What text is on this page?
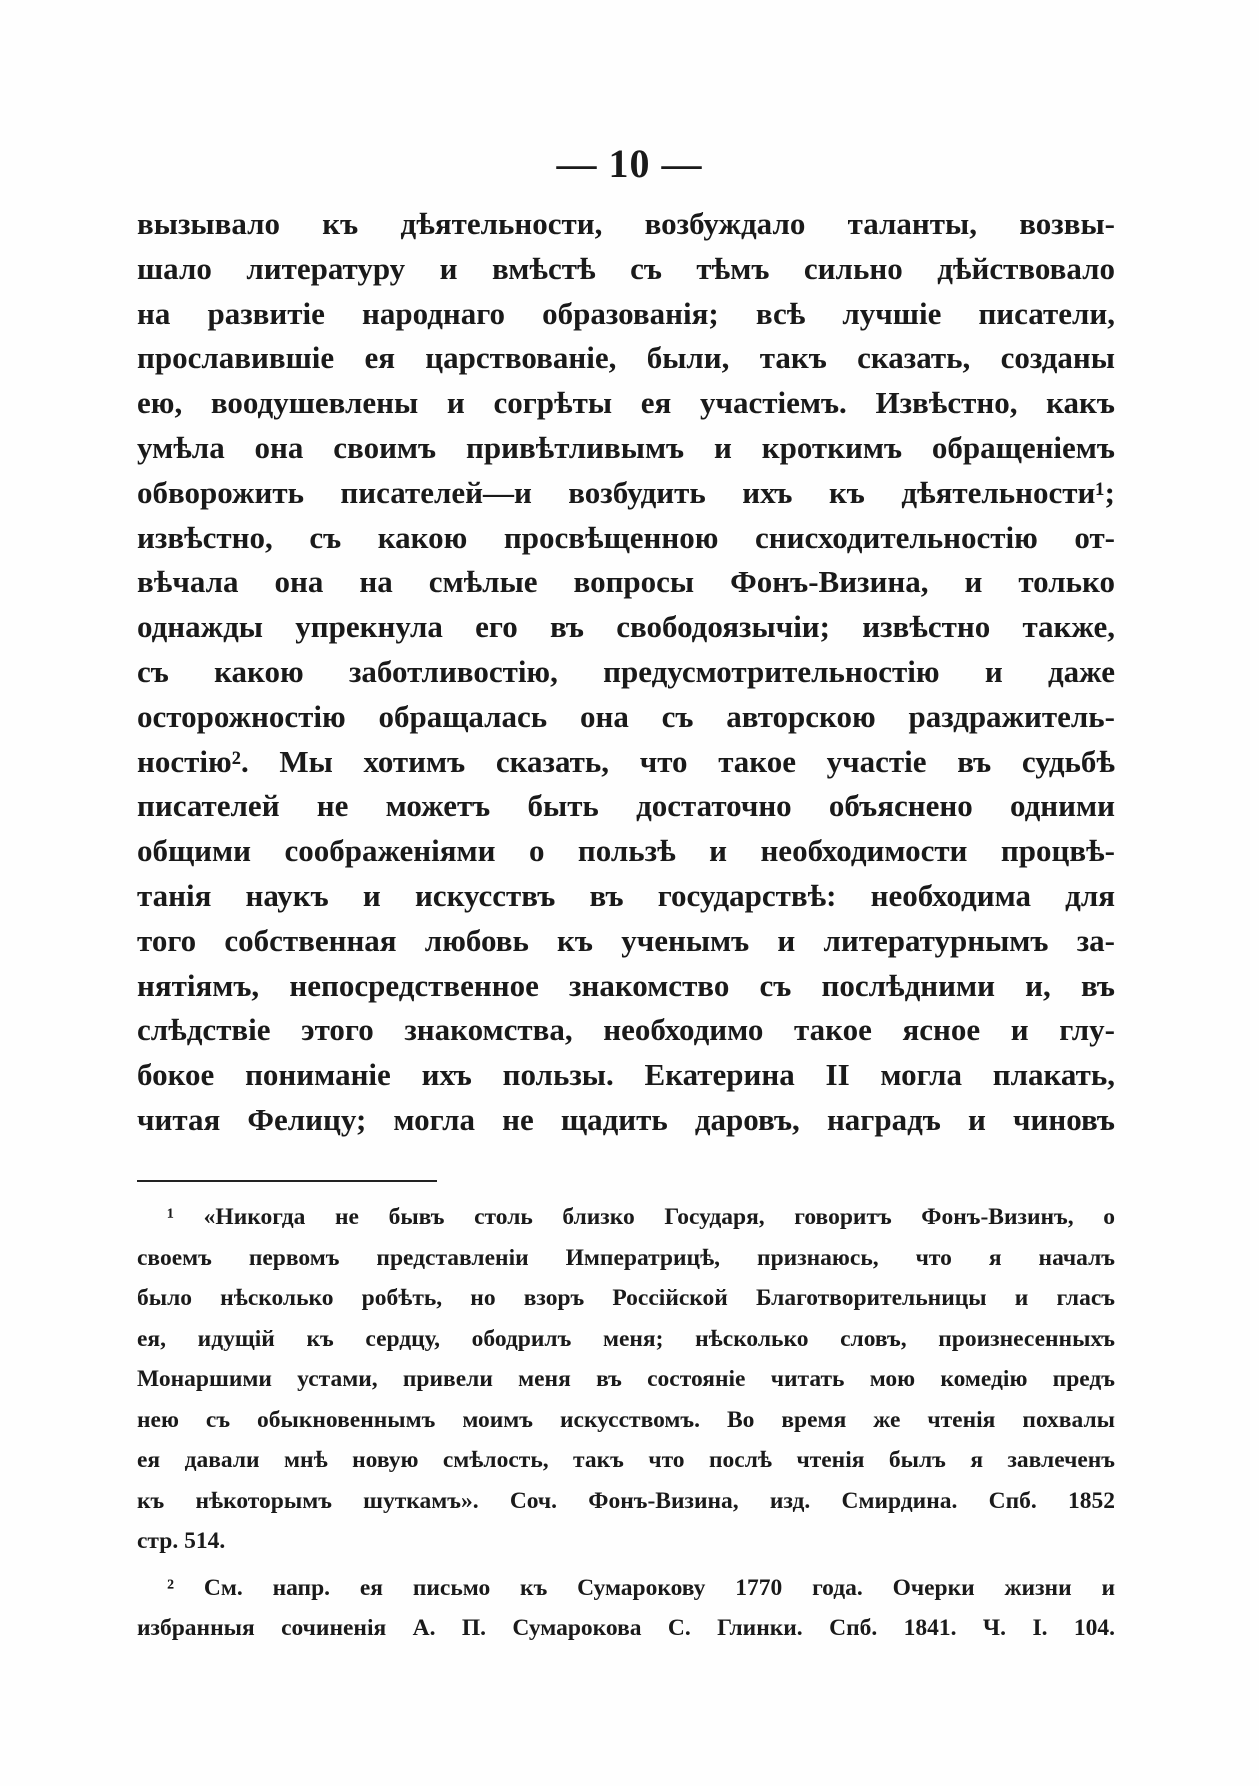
— 10 —
вызывало къ дѣятельности, возбуждало таланты, возвы-
шало литературу и вмѣстѣ съ тѣмъ сильно дѣйствовало
на развитіе народнаго образованія; всѣ лучшіе писатели,
прославившіе ея царствованіе, были, такъ сказать, созданы
ею, воодушевлены и согрѣты ея участіемъ. Извѣстно, какъ
умѣла она своимъ привѣтливымъ и кроткимъ обращеніемъ
обворожить писателей—и возбудить ихъ къ дѣятельности¹;
извѣстно, съ какою просвѣщенною снисходительностію от-
вѣчала она на смѣлые вопросы Фонъ-Визина, и только
однажды упрекнула его въ свободоязычіи; извѣстно также,
съ какою заботливостію, предусмотрительностію и даже
осторожностію обращалась она съ авторскою раздражитель-
ностію². Мы хотимъ сказать, что такое участіе въ судьбѣ
писателей не можетъ быть достаточно объяснено одними
общими соображеніями о пользѣ и необходимости процвѣ-
танія наукъ и искусствъ въ государствѣ: необходима для
того собственная любовь къ ученымъ и литературнымъ за-
нятіямъ, непосредственное знакомство съ послѣдними и, въ
слѣдствіе этого знакомства, необходимо такое ясное и глу-
бокое пониманіе ихъ пользы. Екатерина II могла плакать,
читая Фелицу; могла не щадить даровъ, наградъ и чиновъ
¹ «Никогда не бывъ столь близко Государя, говоритъ Фонъ-Визинъ, о
своемъ первомъ представленіи Императрицѣ, признаюсь, что я началъ
было нѣсколько робѣть, но взоръ Россійской Благотворительницы и гласъ
ея, идущій къ сердцу, ободрилъ меня; нѣсколько словъ, произнесенныхъ
Монаршими устами, привели меня въ состояніе читать мою комедію предъ
нею съ обыкновеннымъ моимъ искусствомъ. Во время же чтенія похвалы
ея давали мнѣ новую смѣлость, такъ что послѣ чтенія былъ я завлеченъ
къ нѣкоторымъ шуткамъ». Соч. Фонъ-Визина, изд. Смирдина. Спб. 1852
стр. 514.
² См. напр. ея письмо къ Сумарокову 1770 года. Очерки жизни и
избранныя сочиненія А. П. Сумарокова С. Глинки. Спб. 1841. Ч. I. 104.
